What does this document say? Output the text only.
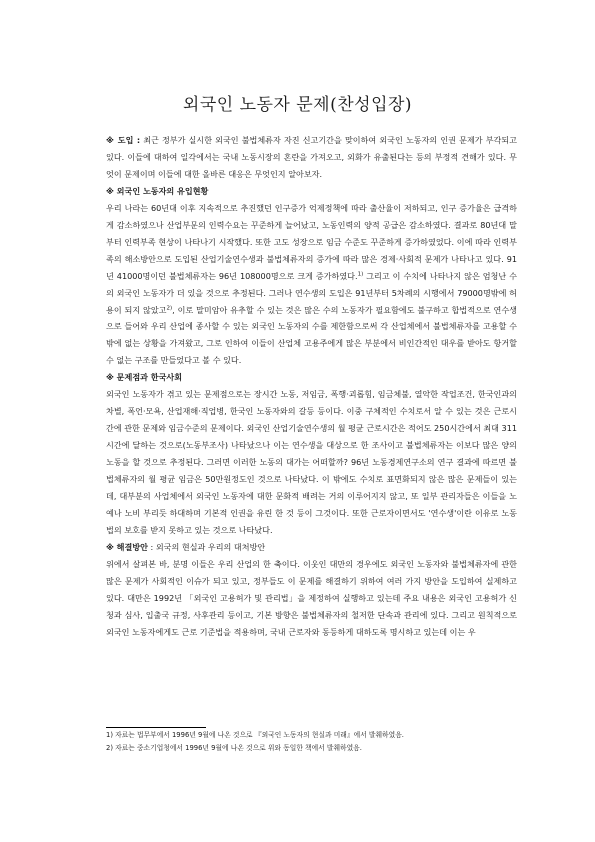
외국인 노동자 문제(찬성입장)

※ 도입 : 최근 정부가 실시한 외국인 불법체류자 자진 신고기간을 맞이하여 외국인 노동자의 인권 문제가 부각되고 있다. 이들에 대하여 일각에서는 국내 노동시장의 혼란을 가져오고, 외화가 유출된다는 등의 부정적 견해가 있다. 무엇이 문제이며 이들에 대한 올바른 대응은 무엇인지 알아보자.

※ 외국인 노동자의 유입현황

우리 나라는 60년대 이후 지속적으로 추진했던 인구증가 억제정책에 따라 출산율이 저하되고, 인구 증가율은 급격하게 감소하였으나 산업부문의 인력수요는 꾸준하게 늘어났고, 노동인력의 양적 공급은 감소하였다. 결과로 80년대 말부터 인력부족 현상이 나타나기 시작했다. 또한 고도 성장으로 임금 수준도 꾸준하게 증가하였었다. 이에 따라 인력부족의 해소방안으로 도입된 산업기술연수생과 불법체류자의 증가에 따라 많은 경제·사회적 문제가 나타나고 있다. 91년 41000명이던 불법체류자는 96년 108000명으로 크게 증가하였다.$^{1)}$ 그리고 이 수치에 나타나지 않은 엄청난 수의 외국인 노동자가 더 있을 것으로 추정된다. 그러나 연수생의 도입은 91년부터 5차례의 시행에서 79000명밖에 허용이 되지 않았고$^{2)}$, 이로 말미암아 유추할 수 있는 것은 많은 수의 노동자가 필요함에도 불구하고 합법적으로 연수생으로 들어와 우리 산업에 종사할 수 있는 외국인 노동자의 수를 제한함으로써 각 산업체에서 불법체류자를 고용할 수밖에 없는 상황을 가져왔고, 그로 인하여 이들이 산업체 고용주에게 많은 부분에서 비인간적인 대우를 받아도 항거할 수 없는 구조를 만들었다고 볼 수 있다.

※ 문제점과 한국사회

외국인 노동자가 겪고 있는 문제점으로는 장시간 노동, 저임금, 폭행·괴롭힘, 임금체불, 열악한 작업조건, 한국인과의 차별, 폭언·모욕, 산업재해·직업병, 한국인 노동자와의 갈등 등이다. 이중 구체적인 수치로서 알 수 있는 것은 근로시간에 관한 문제와 임금수준의 문제이다. 외국인 산업기술연수생의 월 평균 근로시간은 적어도 250시간에서 최대 311시간에 달하는 것으로(노동부조사) 나타났으나 이는 연수생을 대상으로 한 조사이고 불법체류자는 이보다 많은 양의 노동을 할 것으로 추정된다. 그러면 이러한 노동의 대가는 어떠할까? 96년 노동경제연구소의 연구 결과에 따르면 불법체류자의 월 평균 임금은 50만원정도인 것으로 나타났다. 이 밖에도 수치로 표면화되지 않은 많은 문제들이 있는데, 대부분의 사업체에서 외국인 노동자에 대한 문화적 배려는 거의 이루어지지 않고, 또 일부 관리자들은 이들을 노예나 노비 부리듯 하대하며 기본적 인권을 유린 한 것 등이 그것이다. 또한 근로자이면서도 '연수생'이란 이유로 노동법의 보호를 받지 못하고 있는 것으로 나타났다.

※ 해결방안 : 외국의 현실과 우리의 대처방안

위에서 살펴본 바, 분명 이들은 우리 산업의 한 축이다. 이웃인 대만의 경우에도 외국인 노동자와 불법체류자에 관한 많은 문제가 사회적인 이슈가 되고 있고, 정부들도 이 문제를 해결하기 위하여 여러 가지 방안을 도입하여 실제하고 있다. 대만은 1992년 「외국인 고용허가 및 관리법」을 제정하여 실행하고 있는데 주요 내용은 외국인 고용허가 신청과 심사, 입출국 규정, 사후관리 등이고, 기본 방향은 불법체류자의 철저한 단속과 관리에 있다. 그리고 원칙적으로 외국인 노동자에게도 근로 기준법을 적용하며, 국내 근로자와 동등하게 대하도록 명시하고 있는데 이는 우

1) 자료는 법무부에서 1996년 9월에 나온 것으로 『외국인 노동자의 현실과 미래』에서 발췌하였음.

2) 자료는 중소기업청에서 1996년 9월에 나온 것으로 위와 동일한 책에서 발췌하였음.
